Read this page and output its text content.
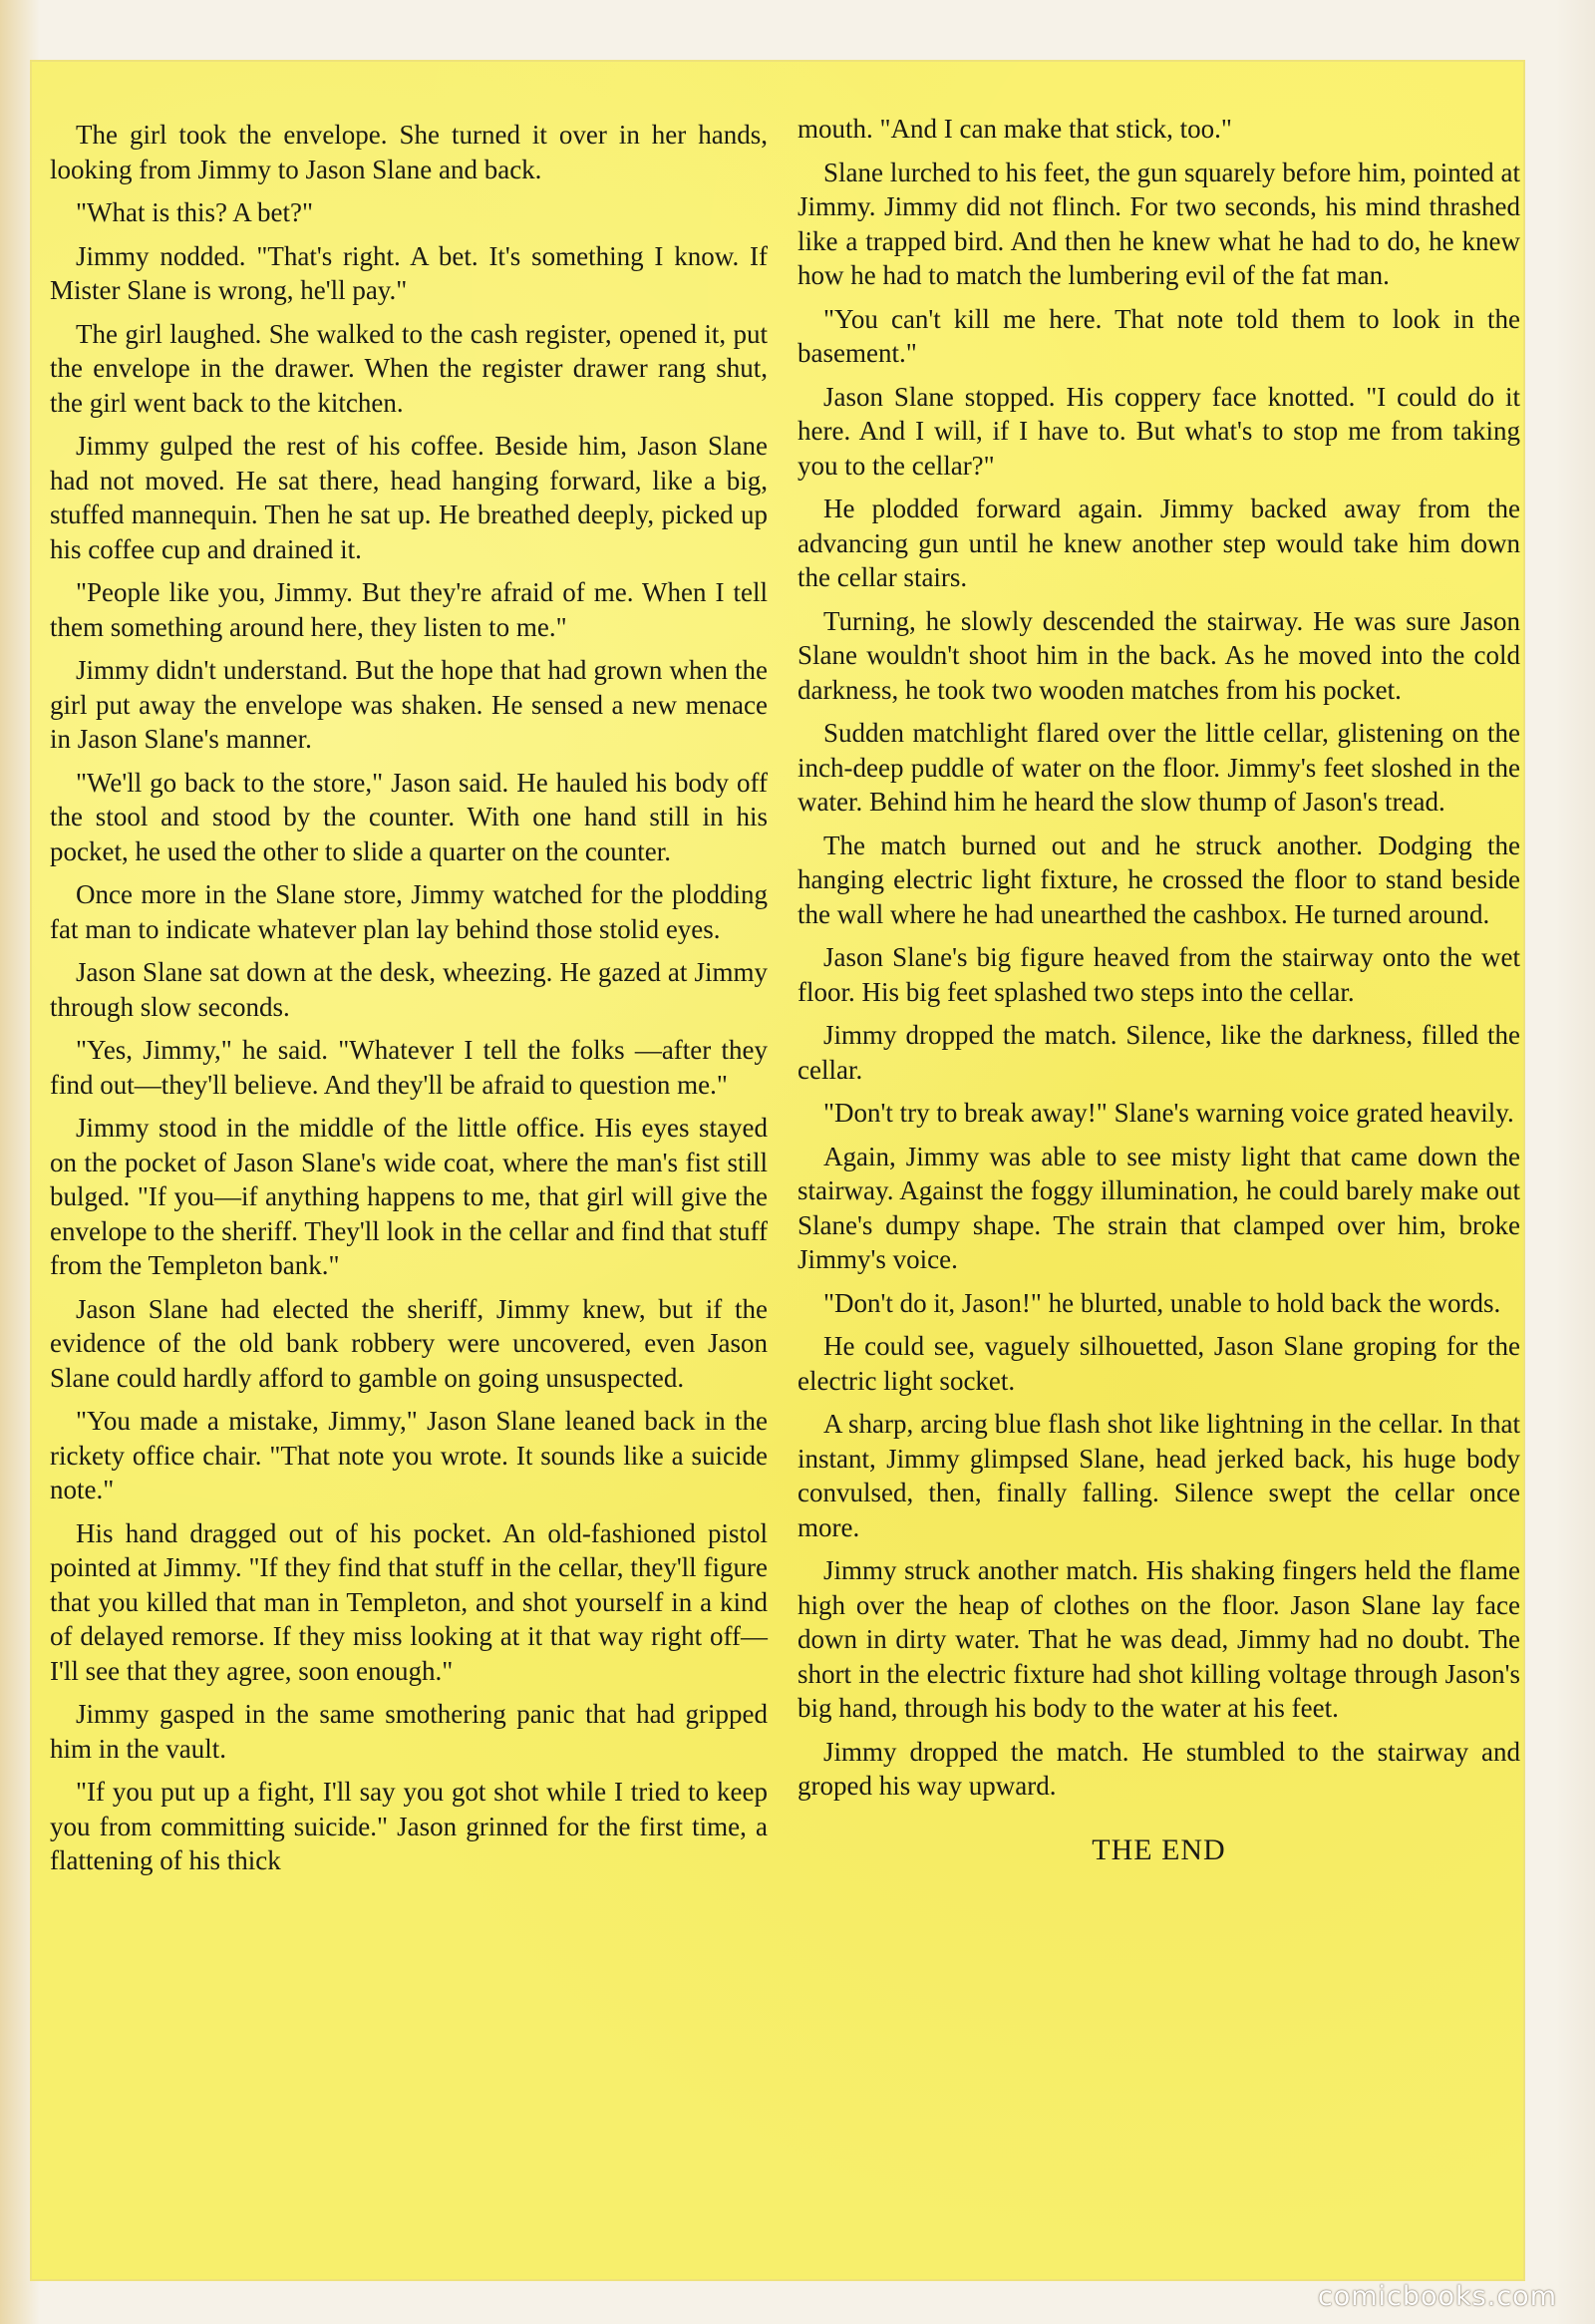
The girl took the envelope. She turned it over in her hands, looking from Jimmy to Jason Slane and back.

"What is this? A bet?"

Jimmy nodded. "That's right. A bet. It's something I know. If Mister Slane is wrong, he'll pay."

The girl laughed. She walked to the cash register, opened it, put the envelope in the drawer. When the register drawer rang shut, the girl went back to the kitchen.

Jimmy gulped the rest of his coffee. Beside him, Jason Slane had not moved. He sat there, head hanging forward, like a big, stuffed mannequin. Then he sat up. He breathed deeply, picked up his coffee cup and drained it.

"People like you, Jimmy. But they're afraid of me. When I tell them something around here, they listen to me."

Jimmy didn't understand. But the hope that had grown when the girl put away the envelope was shaken. He sensed a new menace in Jason Slane's manner.

"We'll go back to the store," Jason said. He hauled his body off the stool and stood by the counter. With one hand still in his pocket, he used the other to slide a quarter on the counter.

Once more in the Slane store, Jimmy watched for the plodding fat man to indicate whatever plan lay behind those stolid eyes.

Jason Slane sat down at the desk, wheezing. He gazed at Jimmy through slow seconds.

"Yes, Jimmy," he said. "Whatever I tell the folks —after they find out—they'll believe. And they'll be afraid to question me."

Jimmy stood in the middle of the little office. His eyes stayed on the pocket of Jason Slane's wide coat, where the man's fist still bulged. "If you—if anything happens to me, that girl will give the envelope to the sheriff. They'll look in the cellar and find that stuff from the Templeton bank."

Jason Slane had elected the sheriff, Jimmy knew, but if the evidence of the old bank robbery were uncovered, even Jason Slane could hardly afford to gamble on going unsuspected.

"You made a mistake, Jimmy," Jason Slane leaned back in the rickety office chair. "That note you wrote. It sounds like a suicide note."

His hand dragged out of his pocket. An old-fashioned pistol pointed at Jimmy. "If they find that stuff in the cellar, they'll figure that you killed that man in Templeton, and shot yourself in a kind of delayed remorse. If they miss looking at it that way right off—I'll see that they agree, soon enough."

Jimmy gasped in the same smothering panic that had gripped him in the vault.

"If you put up a fight, I'll say you got shot while I tried to keep you from committing suicide." Jason grinned for the first time, a flattening of his thick

mouth. "And I can make that stick, too."

Slane lurched to his feet, the gun squarely before him, pointed at Jimmy. Jimmy did not flinch. For two seconds, his mind thrashed like a trapped bird. And then he knew what he had to do, he knew how he had to match the lumbering evil of the fat man.

"You can't kill me here. That note told them to look in the basement."

Jason Slane stopped. His coppery face knotted. "I could do it here. And I will, if I have to. But what's to stop me from taking you to the cellar?"

He plodded forward again. Jimmy backed away from the advancing gun until he knew another step would take him down the cellar stairs.

Turning, he slowly descended the stairway. He was sure Jason Slane wouldn't shoot him in the back. As he moved into the cold darkness, he took two wooden matches from his pocket.

Sudden matchlight flared over the little cellar, glistening on the inch-deep puddle of water on the floor. Jimmy's feet sloshed in the water. Behind him he heard the slow thump of Jason's tread.

The match burned out and he struck another. Dodging the hanging electric light fixture, he crossed the floor to stand beside the wall where he had unearthed the cashbox. He turned around.

Jason Slane's big figure heaved from the stairway onto the wet floor. His big feet splashed two steps into the cellar.

Jimmy dropped the match. Silence, like the darkness, filled the cellar.

"Don't try to break away!" Slane's warning voice grated heavily.

Again, Jimmy was able to see misty light that came down the stairway. Against the foggy illumination, he could barely make out Slane's dumpy shape. The strain that clamped over him, broke Jimmy's voice.

"Don't do it, Jason!" he blurted, unable to hold back the words.

He could see, vaguely silhouetted, Jason Slane groping for the electric light socket.

A sharp, arcing blue flash shot like lightning in the cellar. In that instant, Jimmy glimpsed Slane, head jerked back, his huge body convulsed, then, finally falling. Silence swept the cellar once more.

Jimmy struck another match. His shaking fingers held the flame high over the heap of clothes on the floor. Jason Slane lay face down in dirty water. That he was dead, Jimmy had no doubt. The short in the electric fixture had shot killing voltage through Jason's big hand, through his body to the water at his feet.

Jimmy dropped the match. He stumbled to the stairway and groped his way upward.

THE END

comicbooks.com
